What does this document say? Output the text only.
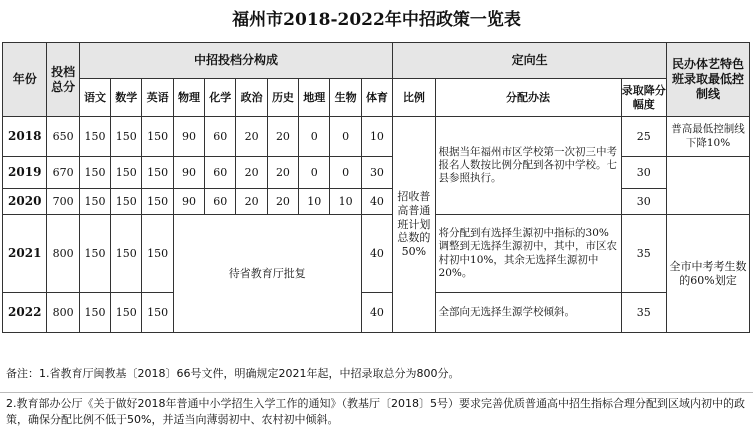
福州市2018-2022年中招政策一览表
年份	投档总分	中招投档分构成										定向生			民办体艺特色班录取最低控制线
		语文	数学	英语	物理	化学	政治	历史	地理	生物	体育	比例	分配办法	录取降分幅度	
2018	650	150	150	150	90	60	20	20	0	0	10	招收普高普通班计划总数的50%	根据当年福州市区学校第一次初三中考报名人数按比例分配到各初中学校。七县参照执行。	25	普高最低控制线下降10%
2019	670	150	150	150	90	60	20	20	0	0	30			30	
2020	700	150	150	150	90	60	20	20	10	10	40			30	
2021	800	150	150	150	待省教育厅批复						40		将分配到有选择生源初中指标的30%调整到无选择生源初中，其中，市区农村初中10%，其余无选择生源初中20%。	35	全市中考考生数的60%划定
2022	800	150	150	150							40		全部向无选择生源学校倾斜。	35	
备注：1.省教育厅闽教基〔2018〕66号文件，明确规定2021年起，中招录取总分为800分。
2.教育部办公厅《关于做好2018年普通中小学招生入学工作的通知》（教基厅〔2018〕5号）要求完善优质普通高中招生指标合理分配到区域内初中的政策，确保分配比例不低于50%，并适当向薄弱初中、农村初中倾斜。
